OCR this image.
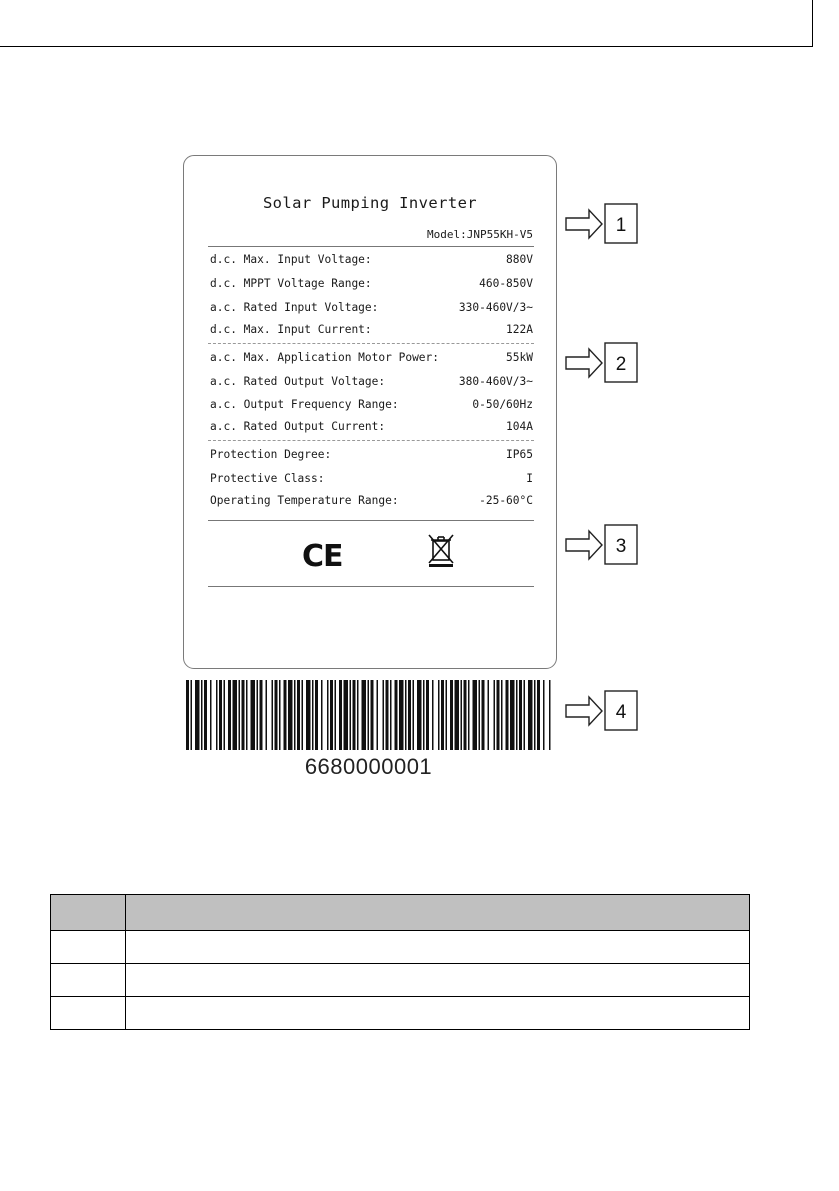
Solar Pumping Inverter
Model:JNP55KH-V5
d.c. Max. Input Voltage:	880V
d.c. MPPT Voltage Range:	460-850V
a.c. Rated Input Voltage:	330-460V/3~
d.c. Max. Input Current:	122A
a.c. Max. Application Motor Power:	55kW
a.c. Rated Output Voltage:	380-460V/3~
a.c. Output Frequency Range:	0-50/60Hz
a.c. Rated Output Current:	104A
Protection Degree:	IP65
Protective Class:	I
Operating Temperature Range:	-25-60°C
CE
1
2
3
4
6680000001
